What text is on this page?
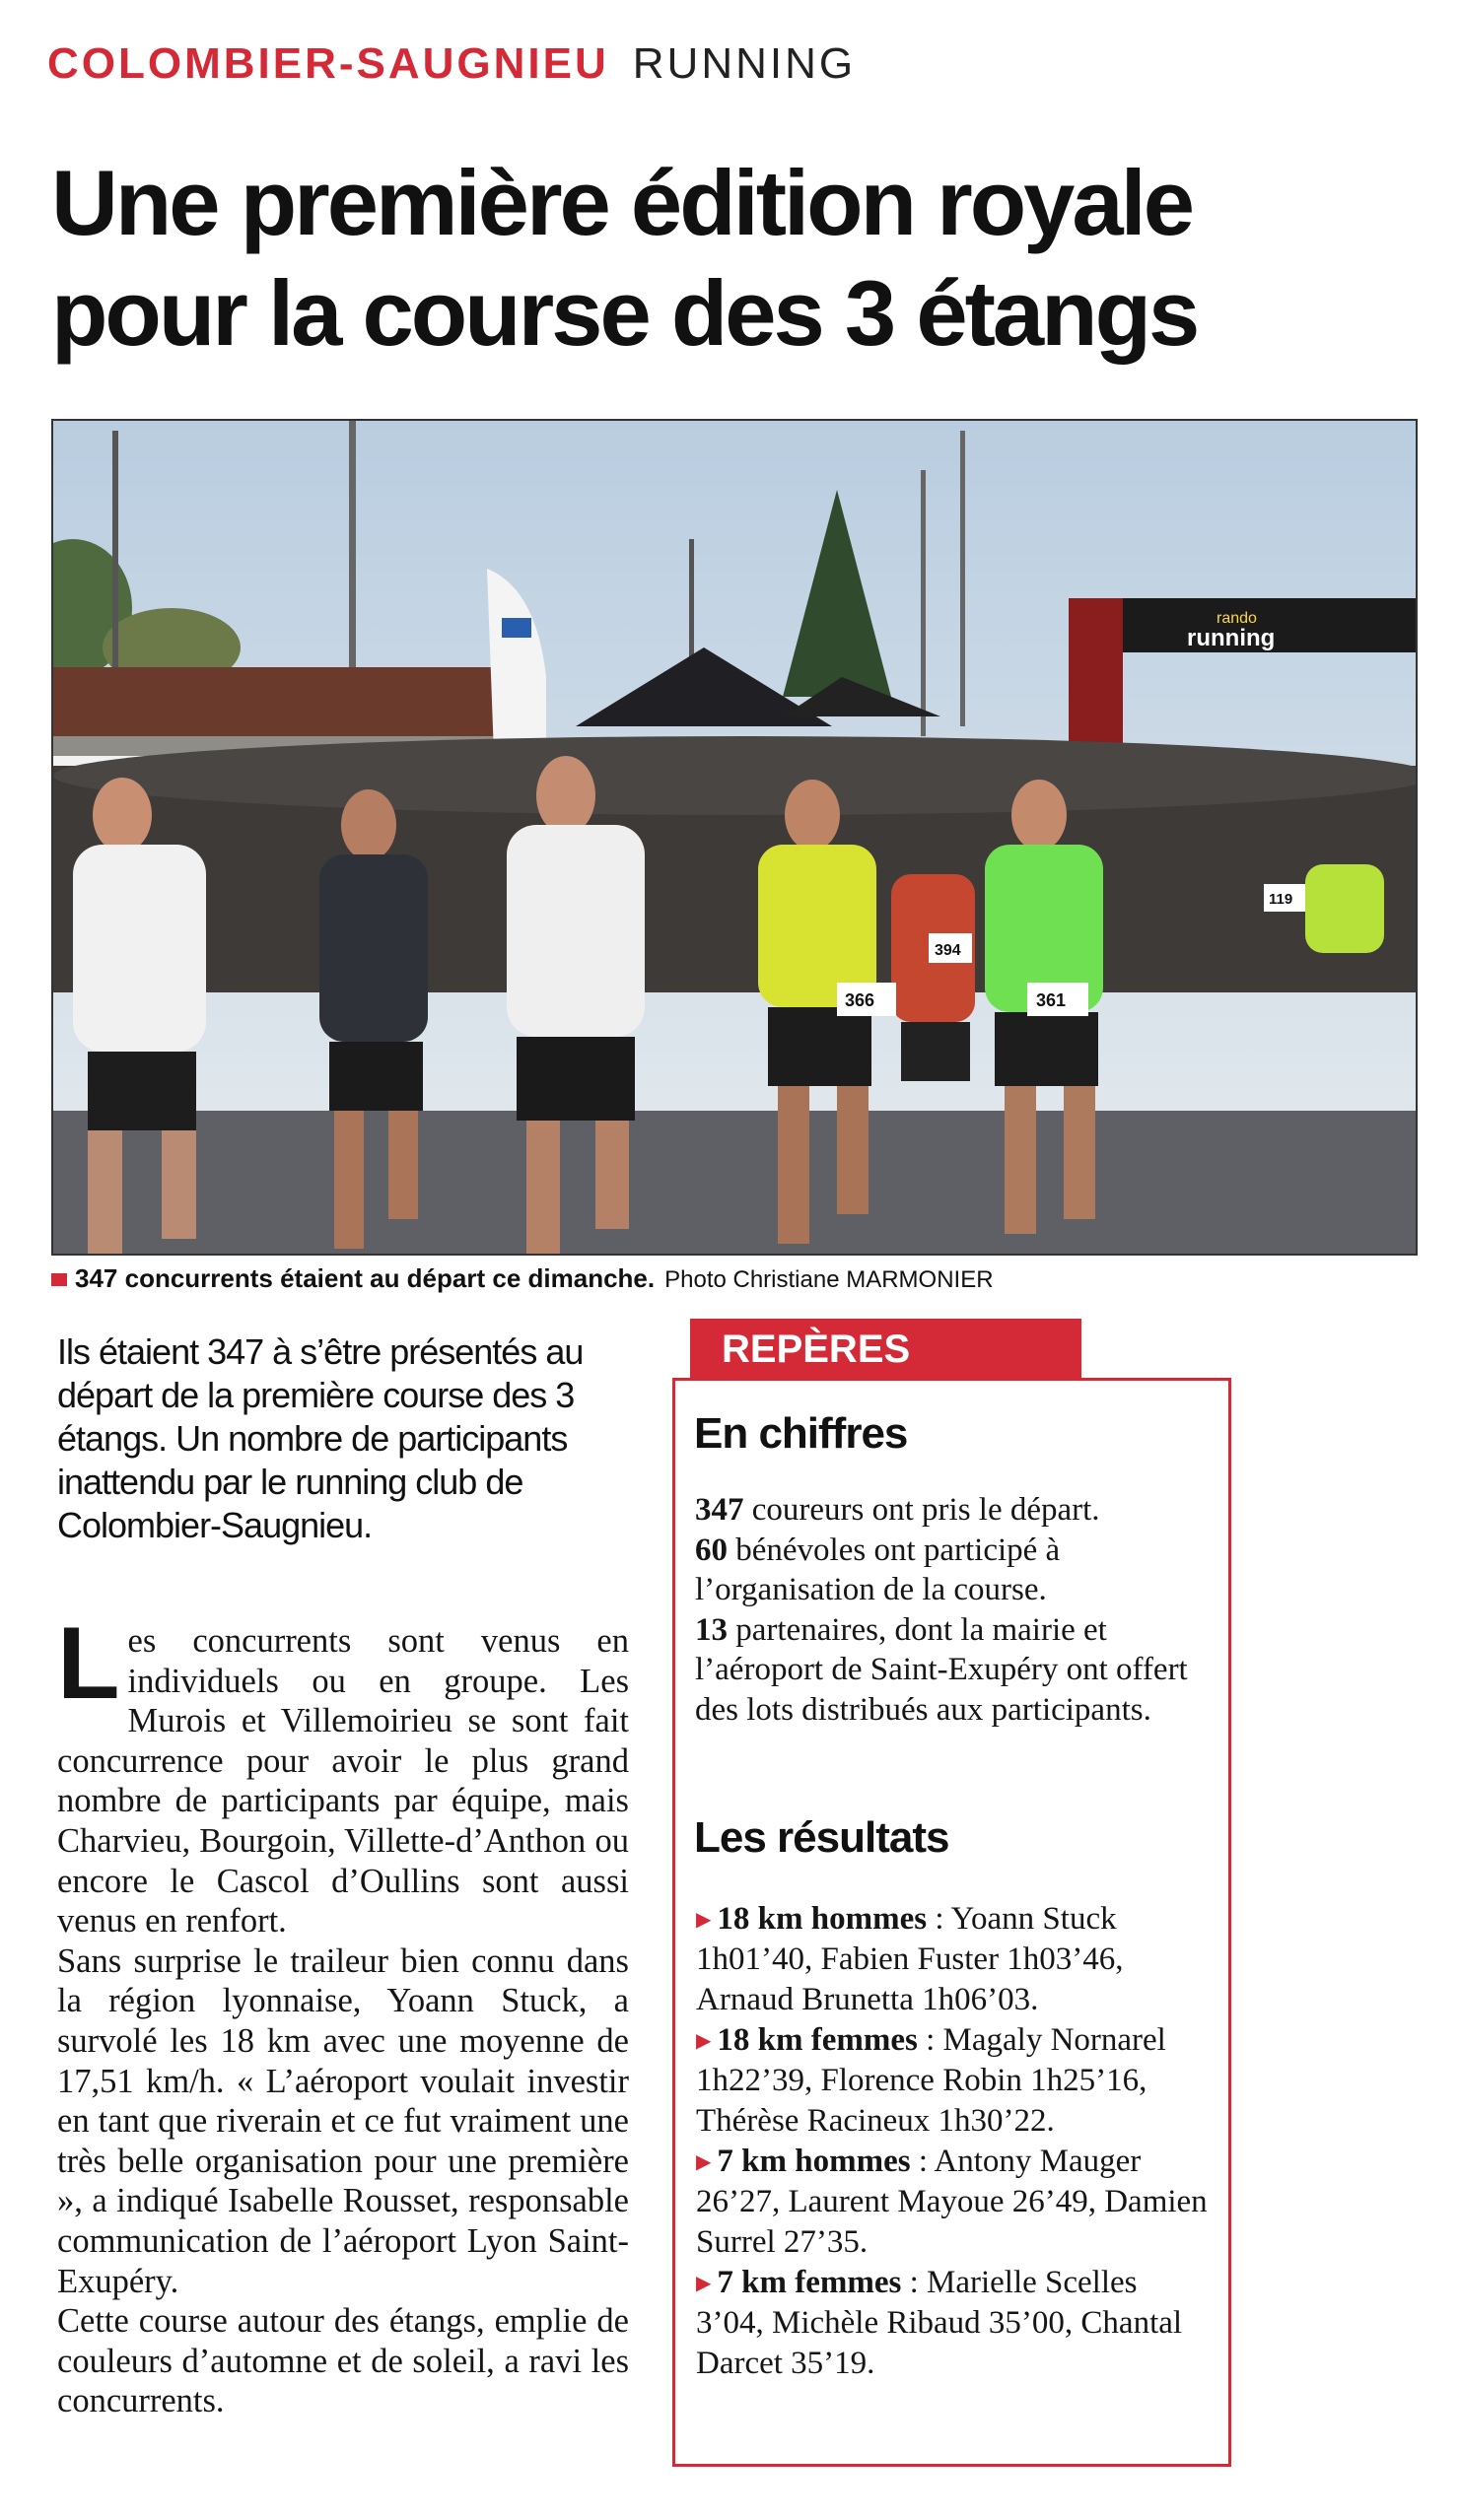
COLOMBIER-SAUGNIEU RUNNING
Une première édition royale
pour la course des 3 étangs
rando
running
394
366	361
119
347 concurrents étaient au départ ce dimanche. Photo Christiane MARMONIER
Ils étaient 347 à s’être présentés au départ de la première course des 3 étangs. Un nombre de participants inattendu par le running club de Colombier-Saugnieu.

Les concurrents sont venus en individuels ou en groupe. Les Murois et Villemoirieu se sont fait concurrence pour avoir le plus grand nombre de participants par équipe, mais Charvieu, Bourgoin, Villette-d’Anthon ou encore le Cascol d’Oullins sont aussi venus en renfort.

Sans surprise le traileur bien connu dans la région lyonnaise, Yoann Stuck, a survolé les 18 km avec une moyenne de 17,51 km/h. « L’aéroport voulait investir en tant que riverain et ce fut vraiment une très belle organisation pour une première », a indiqué Isabelle Rousset, responsable communication de l’aéroport Lyon Saint-Exupéry.

Cette course autour des étangs, emplie de couleurs d’automne et de soleil, a ravi les concurrents.

REPÈRES
En chiffres

347 coureurs ont pris le départ.

60 bénévoles ont participé à l’organisation de la course.

13 partenaires, dont la mairie et l’aéroport de Saint-Exupéry ont offert des lots distribués aux participants.

Les résultats

▶ 18 km hommes : Yoann Stuck 1h01’40, Fabien Fuster 1h03’46, Arnaud Brunetta 1h06’03.

▶ 18 km femmes : Magaly Nornarel 1h22’39, Florence Robin 1h25’16, Thérèse Racineux 1h30’22.

▶ 7 km hommes : Antony Mauger 26’27, Laurent Mayoue 26’49, Damien Surrel 27’35.

▶ 7 km femmes : Marielle Scelles 3’04, Michèle Ribaud 35’00, Chantal Darcet 35’19.
